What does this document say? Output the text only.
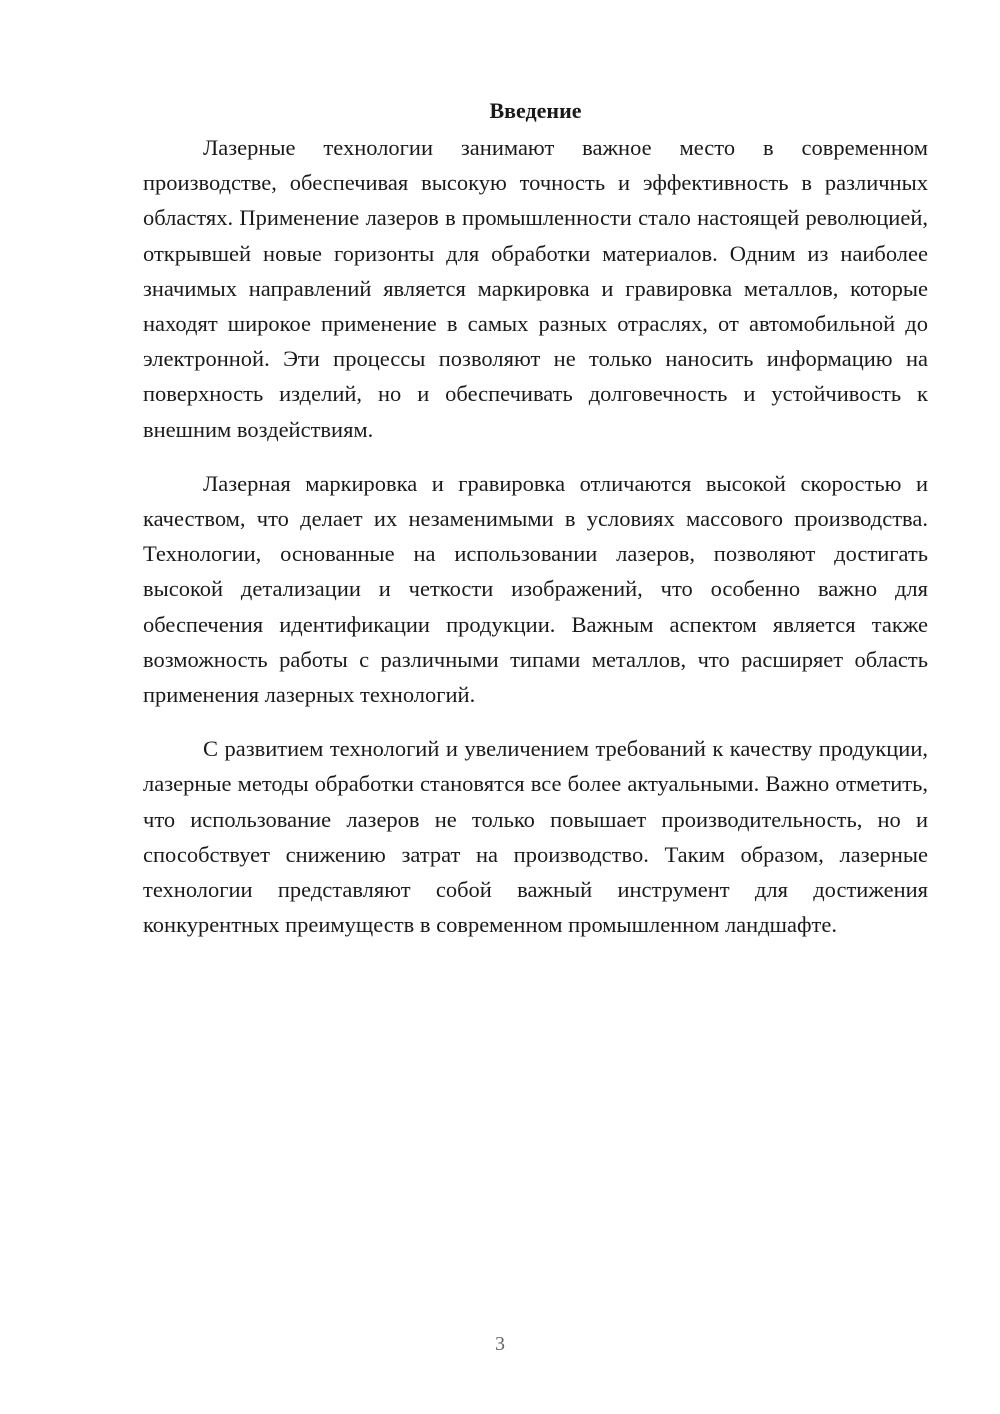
Введение

Лазерные технологии занимают важное место в современном производстве, обеспечивая высокую точность и эффективность в различных областях. Применение лазеров в промышленности стало настоящей революцией, открывшей новые горизонты для обработки материалов. Одним из наиболее значимых направлений является маркировка и гравировка металлов, которые находят широкое применение в самых разных отраслях, от автомобильной до электронной. Эти процессы позволяют не только наносить информацию на поверхность изделий, но и обеспечивать долговечность и устойчивость к внешним воздействиям.

Лазерная маркировка и гравировка отличаются высокой скоростью и качеством, что делает их незаменимыми в условиях массового производства. Технологии, основанные на использовании лазеров, позволяют достигать высокой детализации и четкости изображений, что особенно важно для обеспечения идентификации продукции. Важным аспектом является также возможность работы с различными типами металлов, что расширяет область применения лазерных технологий.

С развитием технологий и увеличением требований к качеству продукции, лазерные методы обработки становятся все более актуальными. Важно отметить, что использование лазеров не только повышает производительность, но и способствует снижению затрат на производство. Таким образом, лазерные технологии представляют собой важный инструмент для достижения конкурентных преимуществ в современном промышленном ландшафте.

3
